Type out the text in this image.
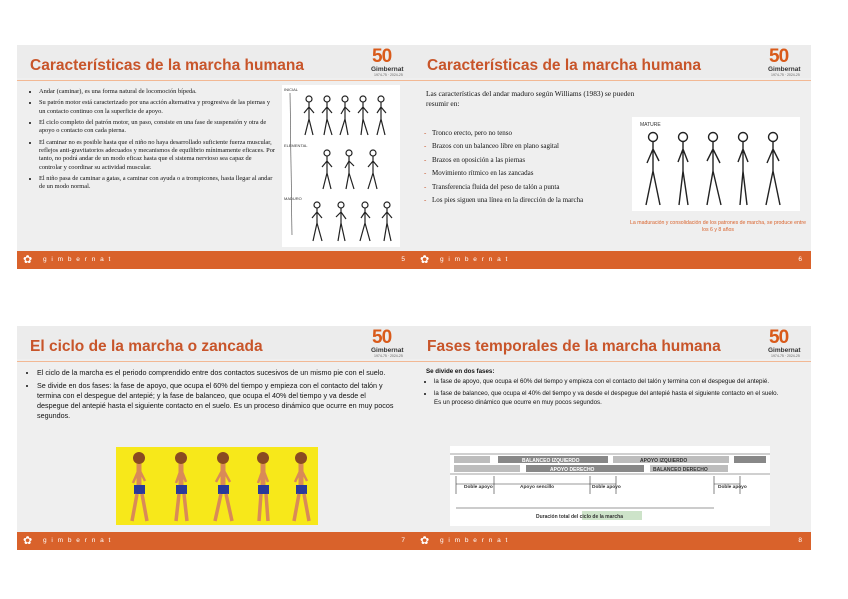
Características de la marcha humana	50
Gimbernat
1974-75 · 2024-25
• Andar (caminar), es una forma natural de locomoción bípeda.
• Su patrón motor está caracterizado por una acción alternativa y progresiva de las piernas y un contacto continuo con la superficie de apoyo.
• El ciclo completo del patrón motor, un paso, consiste en una fase de suspensión y otra de apoyo o contacto con cada pierna.
• El caminar no es posible hasta que el niño no haya desarrollado suficiente fuerza muscular, reflejos anti-gravitatorios adecuados y mecanismos de equilibrio mínimamente eficaces. Por tanto, no podrá andar de un modo eficaz hasta que el sistema nervioso sea capaz de controlar y coordinar su actividad muscular.
• El niño pasa de caminar a gatas, a caminar con ayuda o a trompicones, hasta llegar al andar de un modo normal.
INICIAL
ELEMENTAL
MADURO
✿ g i m b e r n a t	5
Características de la marcha humana	50
Gimbernat
1974-75 · 2024-25
Las características del andar maduro según Williams (1983) se pueden resumir en:
- Tronco erecto, pero no tenso
- Brazos con un balanceo libre en plano sagital
- Brazos en oposición a las piernas
- Movimiento rítmico en las zancadas
- Transferencia fluida del peso de talón a punta
- Los pies siguen una línea en la dirección de la marcha
MATURE
La maduración y consolidación de los patrones de marcha, se produce entre los 6 y 8 años
✿ g i m b e r n a t	6
El ciclo de la marcha o zancada	50
Gimbernat
1974-75 · 2024-25
• El ciclo de la marcha es el periodo comprendido entre dos contactos sucesivos de un mismo pie con el suelo.
• Se divide en dos fases: la fase de apoyo, que ocupa el 60% del tiempo y empieza con el contacto del talón y termina con el despegue del antepié; y la fase de balanceo, que ocupa el 40% del tiempo y va desde el despegue del antepié hasta el siguiente contacto en el suelo. Es un proceso dinámico que ocurre en muy pocos segundos.
✿ g i m b e r n a t	7
Fases temporales de la marcha humana	50
Gimbernat
1974-75 · 2024-25
Se divide en dos fases:
• la fase de apoyo, que ocupa el 60% del tiempo y empieza con el contacto del talón y termina con el despegue del antepié.
• la fase de balanceo, que ocupa el 40% del tiempo y va desde el despegue del antepié hasta el siguiente contacto en el suelo. Es un proceso dinámico que ocurre en muy pocos segundos.
BALANCEO IZQUIERDO	APOYO IZQUIERDO
APOYO DERECHO	BALANCEO DERECHO
Doble apoyo	Apoyo sencillo	Doble apoyo	Doble apoyo
Duración total del ciclo de la marcha
✿ g i m b e r n a t	8
